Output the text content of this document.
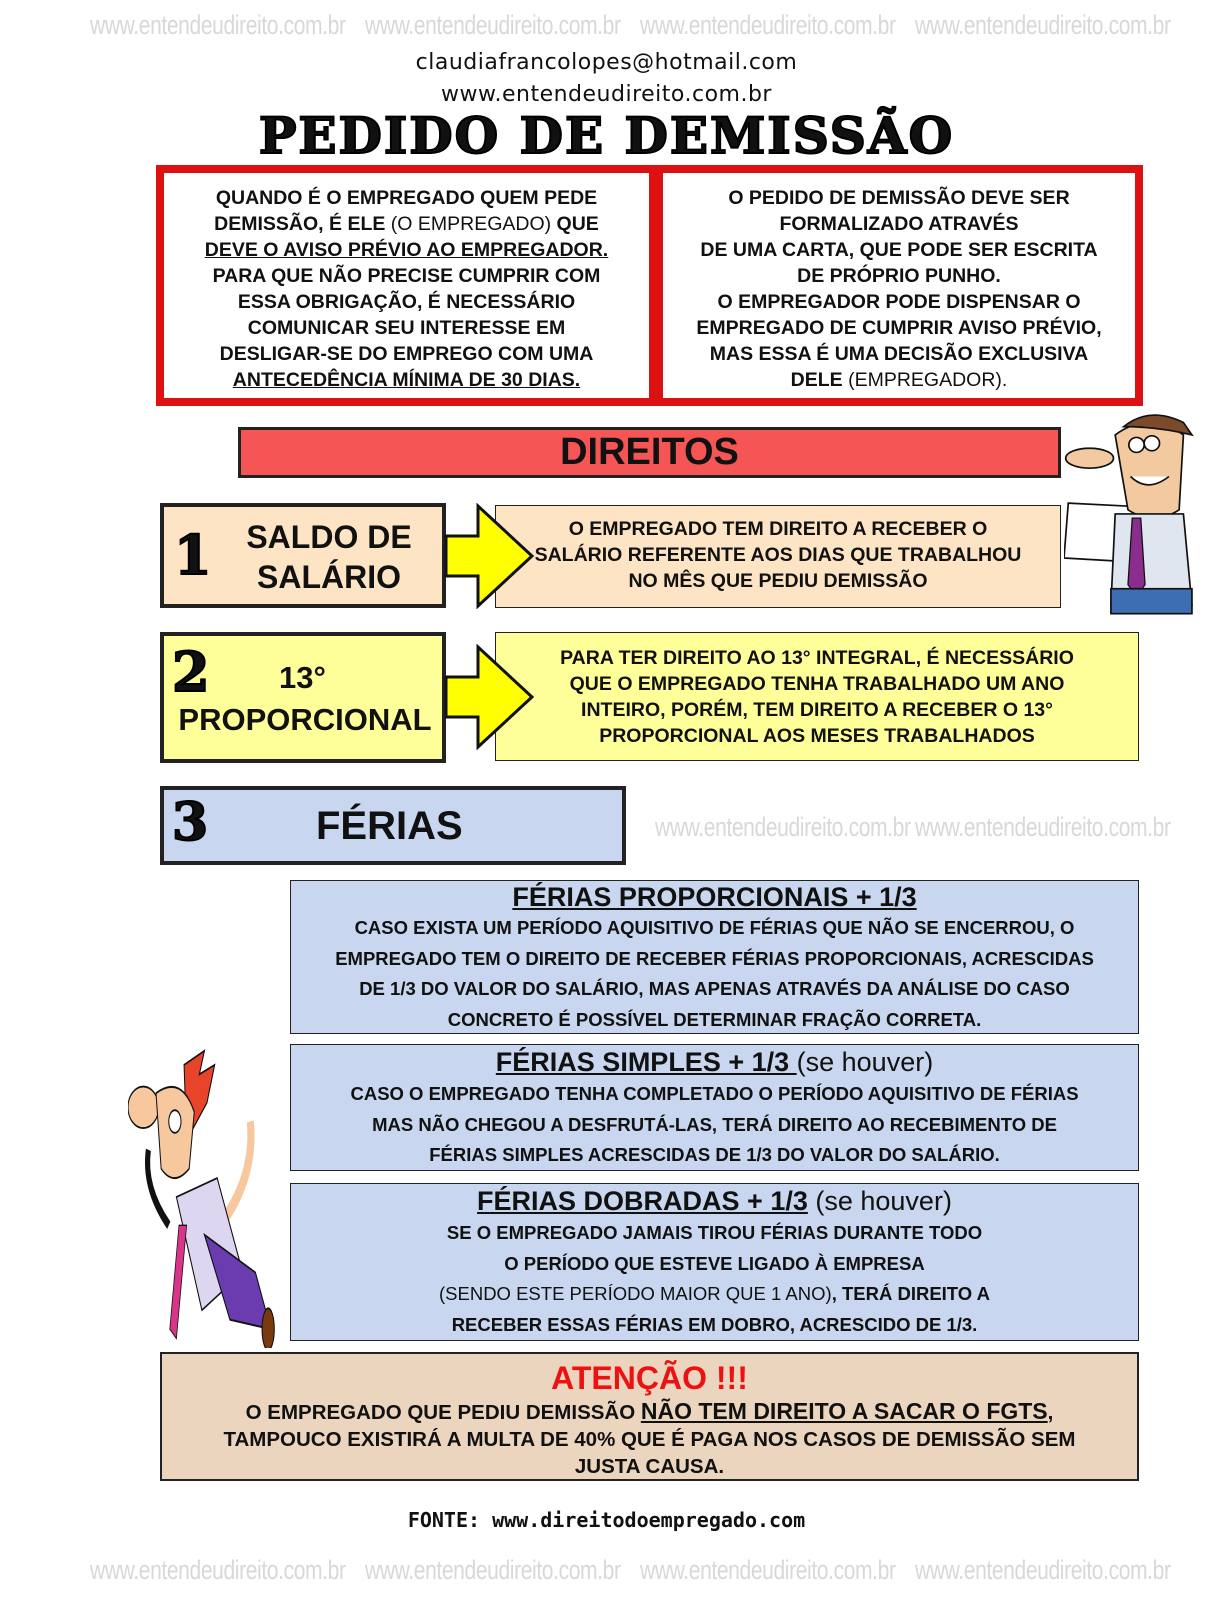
www.entendeudireito.com.br www.entendeudireito.com.br www.entendeudireito.com.br www.entendeudireito.com.br
www.entendeudireito.com.br www.entendeudireito.com.br
www.entendeudireito.com.br www.entendeudireito.com.br www.entendeudireito.com.br www.entendeudireito.com.br
claudiafrancolopes@hotmail.com
www.entendeudireito.com.br
PEDIDO DE DEMISSÃO
QUANDO É O EMPREGADO QUEM PEDE
DEMISSÃO, É ELE (O EMPREGADO) QUE
DEVE O AVISO PRÉVIO AO EMPREGADOR.
PARA QUE NÃO PRECISE CUMPRIR COM
ESSA OBRIGAÇÃO, É NECESSÁRIO
COMUNICAR SEU INTERESSE EM
DESLIGAR-SE DO EMPREGO COM UMA
ANTECEDÊNCIA MÍNIMA DE 30 DIAS.
O PEDIDO DE DEMISSÃO DEVE SER
FORMALIZADO ATRAVÉS
DE UMA CARTA, QUE PODE SER ESCRITA
DE PRÓPRIO PUNHO.
O EMPREGADOR PODE DISPENSAR O
EMPREGADO DE CUMPRIR AVISO PRÉVIO,
MAS ESSA É UMA DECISÃO EXCLUSIVA
DELE (EMPREGADOR).
DIREITOS
1	SALDO DE
SALÁRIO
O EMPREGADO TEM DIREITO A RECEBER O
SALÁRIO REFERENTE AOS DIAS QUE TRABALHOU
NO MÊS QUE PEDIU DEMISSÃO
2 13°
PROPORCIONAL
PARA TER DIREITO AO 13° INTEGRAL, É NECESSÁRIO
QUE O EMPREGADO TENHA TRABALHADO UM ANO
INTEIRO, PORÉM, TEM DIREITO A RECEBER O 13°
PROPORCIONAL AOS MESES TRABALHADOS
3	FÉRIAS
FÉRIAS PROPORCIONAIS + 1/3
CASO EXISTA UM PERÍODO AQUISITIVO DE FÉRIAS QUE NÃO SE ENCERROU, O
EMPREGADO TEM O DIREITO DE RECEBER FÉRIAS PROPORCIONAIS, ACRESCIDAS
DE 1/3 DO VALOR DO SALÁRIO, MAS APENAS ATRAVÉS DA ANÁLISE DO CASO
CONCRETO É POSSÍVEL DETERMINAR FRAÇÃO CORRETA.
FÉRIAS SIMPLES + 1/3 (se houver)
CASO O EMPREGADO TENHA COMPLETADO O PERÍODO AQUISITIVO DE FÉRIAS
MAS NÃO CHEGOU A DESFRUTÁ-LAS, TERÁ DIREITO AO RECEBIMENTO DE
FÉRIAS SIMPLES ACRESCIDAS DE 1/3 DO VALOR DO SALÁRIO.
FÉRIAS DOBRADAS + 1/3 (se houver)
SE O EMPREGADO JAMAIS TIROU FÉRIAS DURANTE TODO
O PERÍODO QUE ESTEVE LIGADO À EMPRESA
(SENDO ESTE PERÍODO MAIOR QUE 1 ANO), TERÁ DIREITO A
RECEBER ESSAS FÉRIAS EM DOBRO, ACRESCIDO DE 1/3.
ATENÇÃO !!!
O EMPREGADO QUE PEDIU DEMISSÃO NÃO TEM DIREITO A SACAR O FGTS,
TAMPOUCO EXISTIRÁ A MULTA DE 40% QUE É PAGA NOS CASOS DE DEMISSÃO SEM
JUSTA CAUSA.
FONTE: www.direitodoempregado.com
